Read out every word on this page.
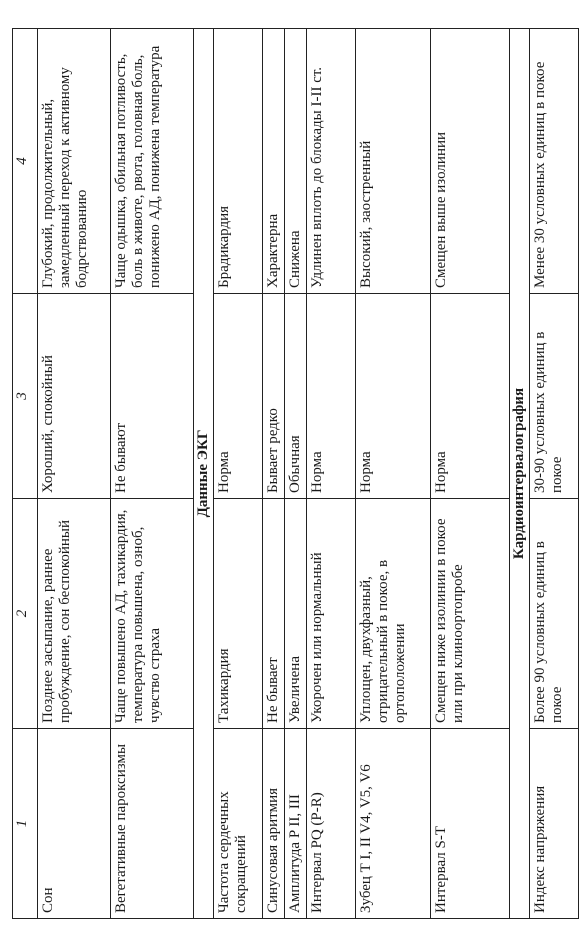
1	2	3	4
Сон	Позднее засыпание, раннее пробуждение, сон беспокойный	Хороший, спокойный	Глубокий, продолжительный, замедленный переход к активному бодрствованию
Вегетативные пароксизмы	Чаще повышено АД, тахикардия, температура повышена, озноб, чувство страха	Не бывают	Чаще одышка, обильная потливость, боль в животе, рвота, головная боль, понижено АД, понижена температура
Данные ЭКГ			
Частота сердечных сокращений	Тахикардия	Норма	Брадикардия
Синусовая аритмия	Не бывает	Бывает редко	Характерна
Амплитуда P II, III	Увеличена	Обычная	Снижена
Интервал PQ (P-R)	Укорочен или нормальный	Норма	Удлинен вплоть до блокады I-II ст.
Зубец T I, II V4, V5, V6	Уплощен, двухфазный, отрицательный в покое, в ортоположении	Норма	Высокий, заостренный
Интервал S-T	Смещен ниже изолинии в покое или при клиноортопробе	Норма	Смещен выше изолинии
Кардиоинтервалография			
Индекс напряжения	Более 90 условных единиц в покое	30-90 условных единиц в покое	Менее 30 условных единиц в покое
